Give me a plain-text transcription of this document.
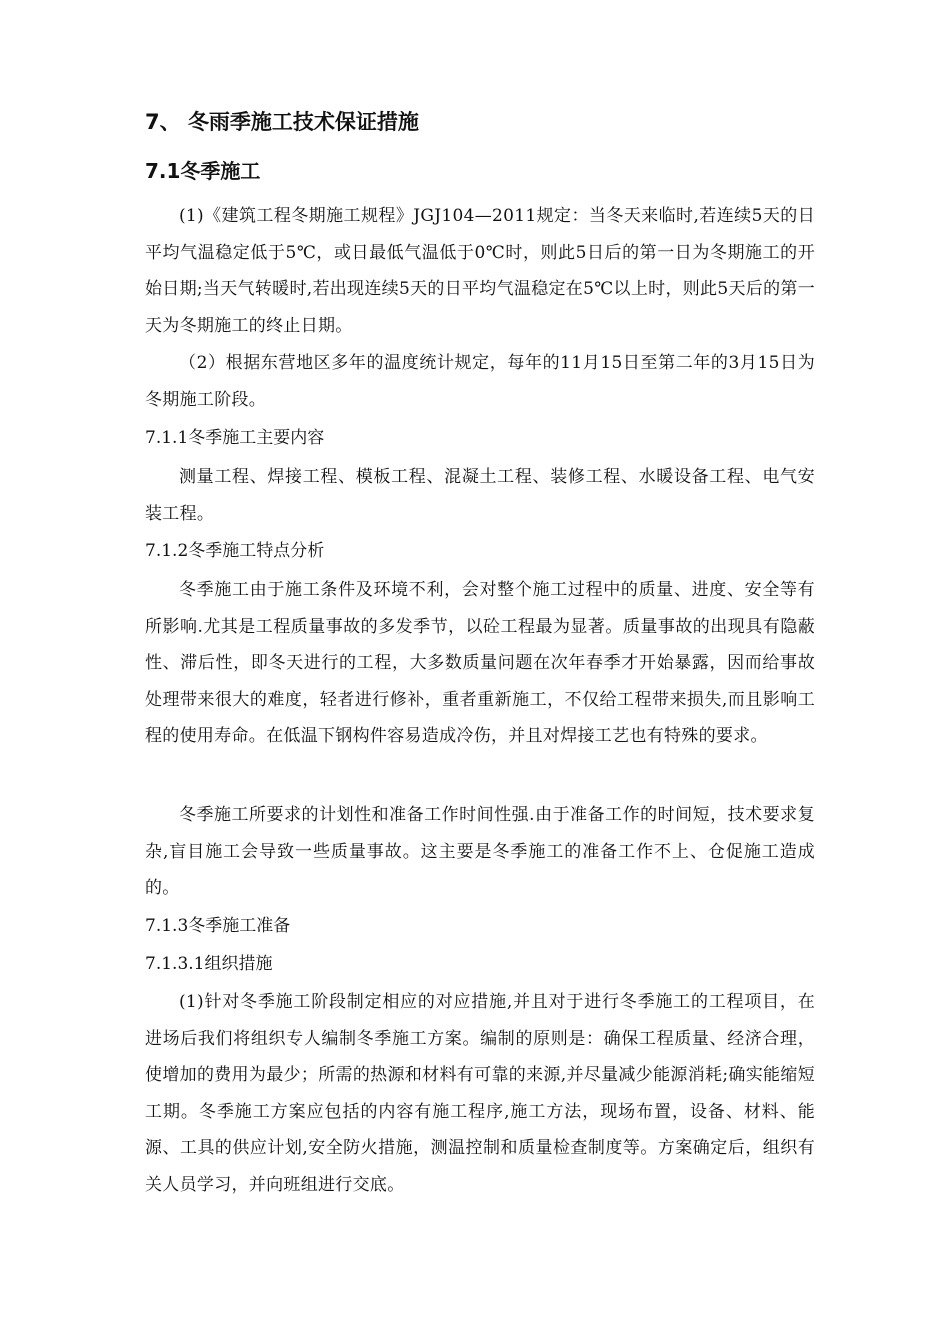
7、 冬雨季施工技术保证措施
7.1冬季施工
(1)《建筑工程冬期施工规程》JGJ104—2011规定：当冬天来临时,若连续5天的日平均气温稳定低于5℃，或日最低气温低于0℃时，则此5日后的第一日为冬期施工的开始日期;当天气转暖时,若出现连续5天的日平均气温稳定在5℃以上时，则此5天后的第一天为冬期施工的终止日期。
（2）根据东营地区多年的温度统计规定，每年的11月15日至第二年的3月15日为冬期施工阶段。
7.1.1冬季施工主要内容
测量工程、焊接工程、模板工程、混凝土工程、装修工程、水暖设备工程、电气安装工程。
7.1.2冬季施工特点分析
冬季施工由于施工条件及环境不利，会对整个施工过程中的质量、进度、安全等有所影响.尤其是工程质量事故的多发季节，以砼工程最为显著。质量事故的出现具有隐蔽性、滞后性，即冬天进行的工程，大多数质量问题在次年春季才开始暴露，因而给事故处理带来很大的难度，轻者进行修补，重者重新施工，不仅给工程带来损失,而且影响工程的使用寿命。在低温下钢构件容易造成冷伤，并且对焊接工艺也有特殊的要求。
冬季施工所要求的计划性和准备工作时间性强.由于准备工作的时间短，技术要求复杂,盲目施工会导致一些质量事故。这主要是冬季施工的准备工作不上、仓促施工造成的。
7.1.3冬季施工准备
7.1.3.1组织措施
(1)针对冬季施工阶段制定相应的对应措施,并且对于进行冬季施工的工程项目，在进场后我们将组织专人编制冬季施工方案。编制的原则是：确保工程质量、经济合理，使增加的费用为最少；所需的热源和材料有可靠的来源,并尽量减少能源消耗;确实能缩短工期。冬季施工方案应包括的内容有施工程序,施工方法，现场布置，设备、材料、能源、工具的供应计划,安全防火措施，测温控制和质量检查制度等。方案确定后，组织有关人员学习，并向班组进行交底。
